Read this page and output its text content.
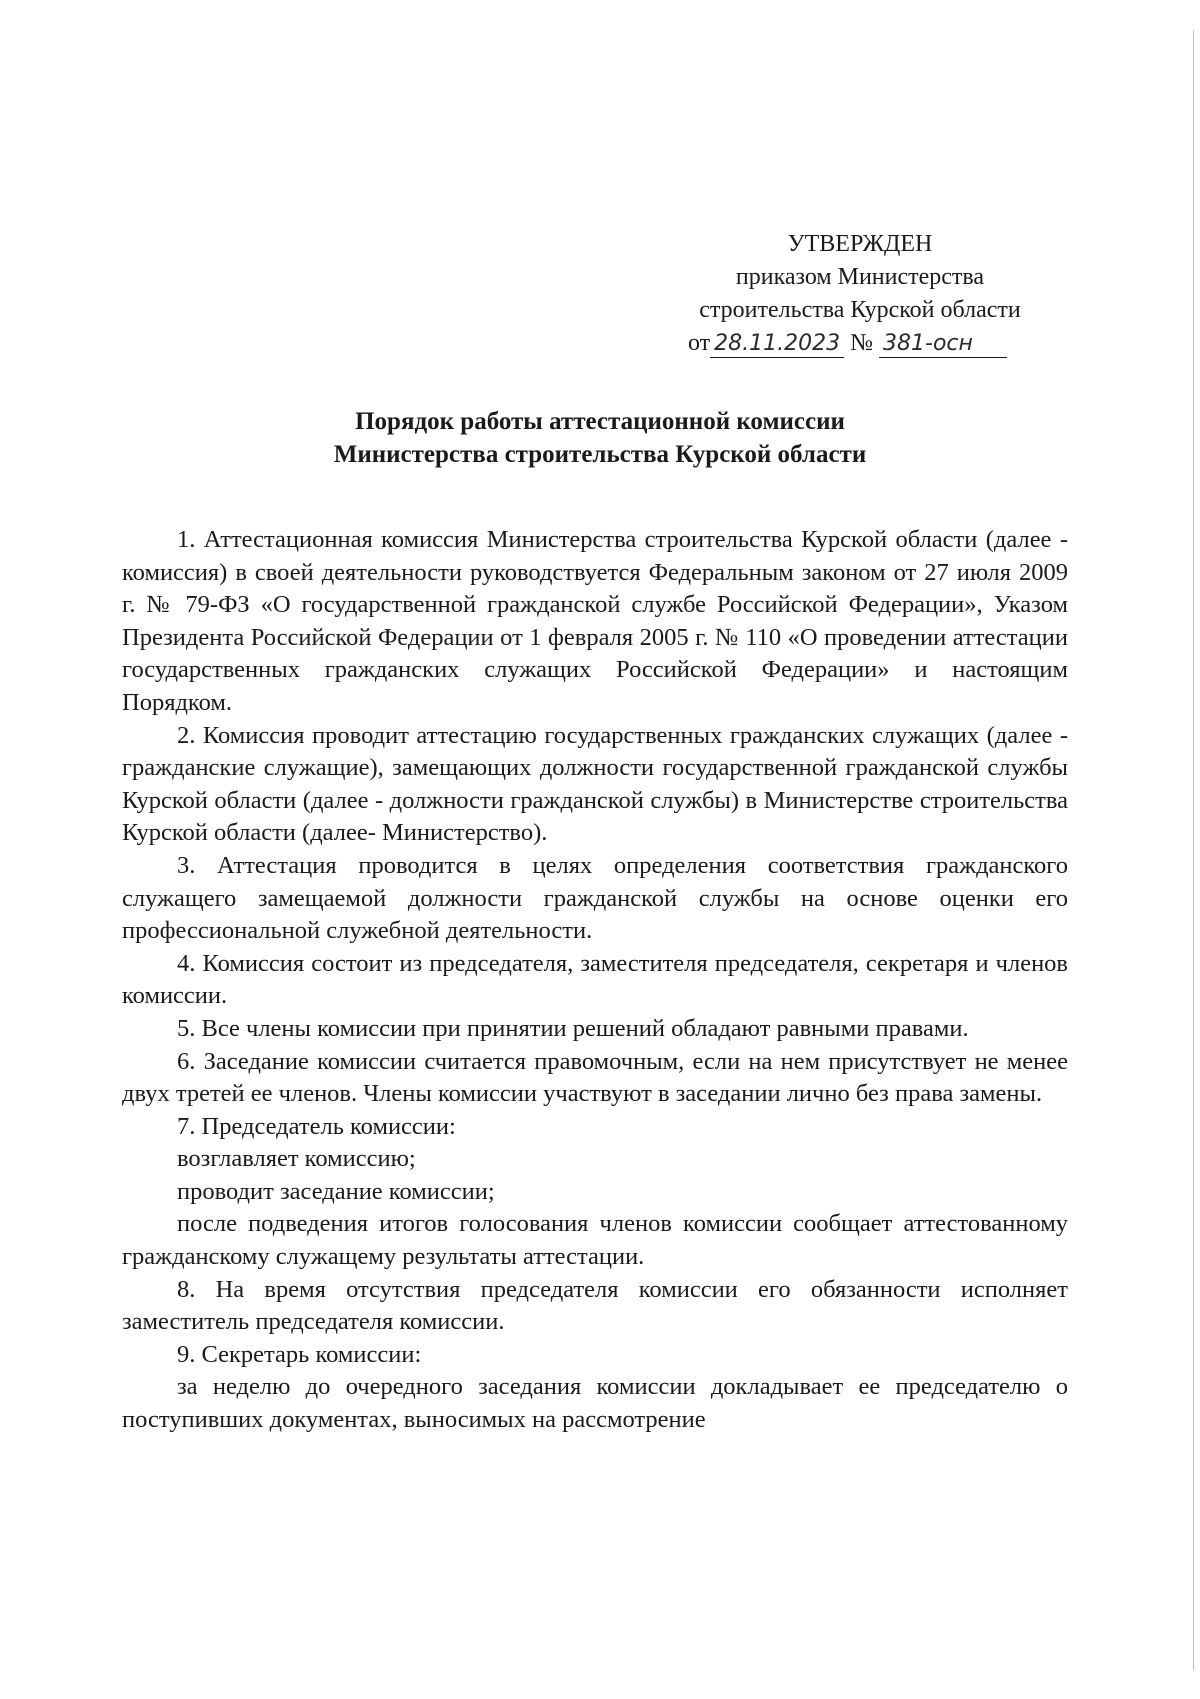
УТВЕРЖДЕН
приказом Министерства
строительства Курской области
от 28.11.2023 № 381-осн
Порядок работы аттестационной комиссии
Министерства строительства Курской области

1. Аттестационная комиссия Министерства строительства Курской области (далее - комиссия) в своей деятельности руководствуется Федеральным законом от 27 июля 2009 г. № 79-ФЗ «О государственной гражданской службе Российской Федерации», Указом Президента Российской Федерации от 1 февраля 2005 г. № 110 «О проведении аттестации государственных гражданских служащих Российской Федерации» и настоящим Порядком.

2. Комиссия проводит аттестацию государственных гражданских служащих (далее - гражданские служащие), замещающих должности государственной гражданской службы Курской области (далее - должности гражданской службы) в Министерстве строительства Курской области (далее- Министерство).

3. Аттестация проводится в целях определения соответствия гражданского служащего замещаемой должности гражданской службы на основе оценки его профессиональной служебной деятельности.

4. Комиссия состоит из председателя, заместителя председателя, секретаря и членов комиссии.

5. Все члены комиссии при принятии решений обладают равными правами.

6. Заседание комиссии считается правомочным, если на нем присутствует не менее двух третей ее членов. Члены комиссии участвуют в заседании лично без права замены.

7. Председатель комиссии:

возглавляет комиссию;

проводит заседание комиссии;

после подведения итогов голосования членов комиссии сообщает аттестованному гражданскому служащему результаты аттестации.

8. На время отсутствия председателя комиссии его обязанности исполняет заместитель председателя комиссии.

9. Секретарь комиссии:

за неделю до очередного заседания комиссии докладывает ее председателю о поступивших документах, выносимых на рассмотрение
